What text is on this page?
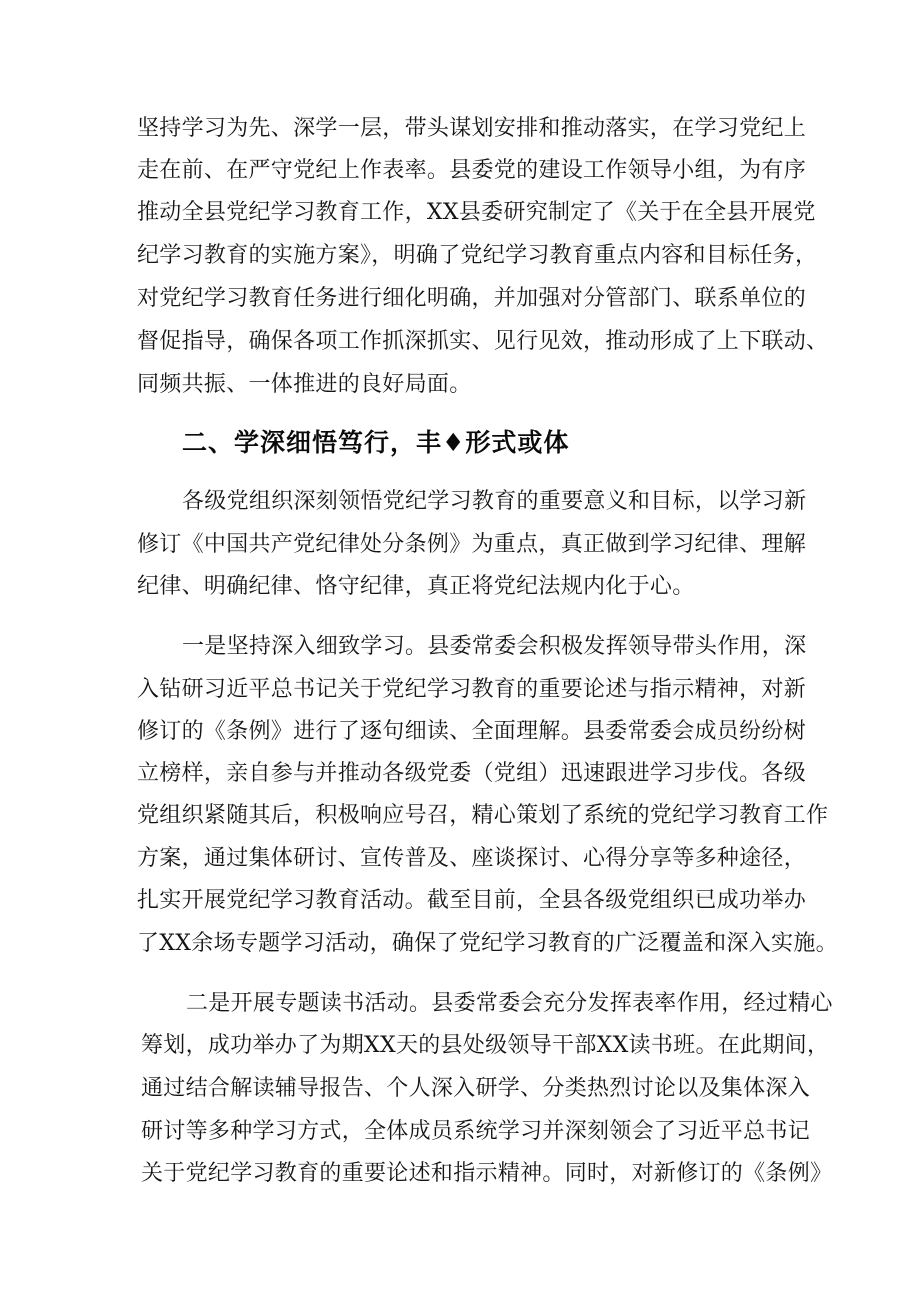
坚持学习为先、深学一层，带头谋划安排和推动落实，在学习党纪上
走在前、在严守党纪上作表率。县委党的建设工作领导小组，为有序
推动全县党纪学习教育工作，XX县委研究制定了《关于在全县开展党
纪学习教育的实施方案》，明确了党纪学习教育重点内容和目标任务，
对党纪学习教育任务进行细化明确，并加强对分管部门、联系单位的
督促指导，确保各项工作抓深抓实、见行见效，推动形成了上下联动、
同频共振、一体推进的良好局面。
二、学深细悟笃行，丰♦形式或体
各级党组织深刻领悟党纪学习教育的重要意义和目标，以学习新
修订《中国共产党纪律处分条例》为重点，真正做到学习纪律、理解
纪律、明确纪律、恪守纪律，真正将党纪法规内化于心。
一是坚持深入细致学习。县委常委会积极发挥领导带头作用，深
入钻研习近平总书记关于党纪学习教育的重要论述与指示精神，对新
修订的《条例》进行了逐句细读、全面理解。县委常委会成员纷纷树
立榜样，亲自参与并推动各级党委（党组）迅速跟进学习步伐。各级
党组织紧随其后，积极响应号召，精心策划了系统的党纪学习教育工作
方案，通过集体研讨、宣传普及、座谈探讨、心得分享等多种途径，
扎实开展党纪学习教育活动。截至目前，全县各级党组织已成功举办
了XX余场专题学习活动，确保了党纪学习教育的广泛覆盖和深入实施。
二是开展专题读书活动。县委常委会充分发挥表率作用，经过精心
筹划，成功举办了为期XX天的县处级领导干部XX读书班。在此期间，
通过结合解读辅导报告、个人深入研学、分类热烈讨论以及集体深入
研讨等多种学习方式，全体成员系统学习并深刻领会了习近平总书记
关于党纪学习教育的重要论述和指示精神。同时，对新修订的《条例》
